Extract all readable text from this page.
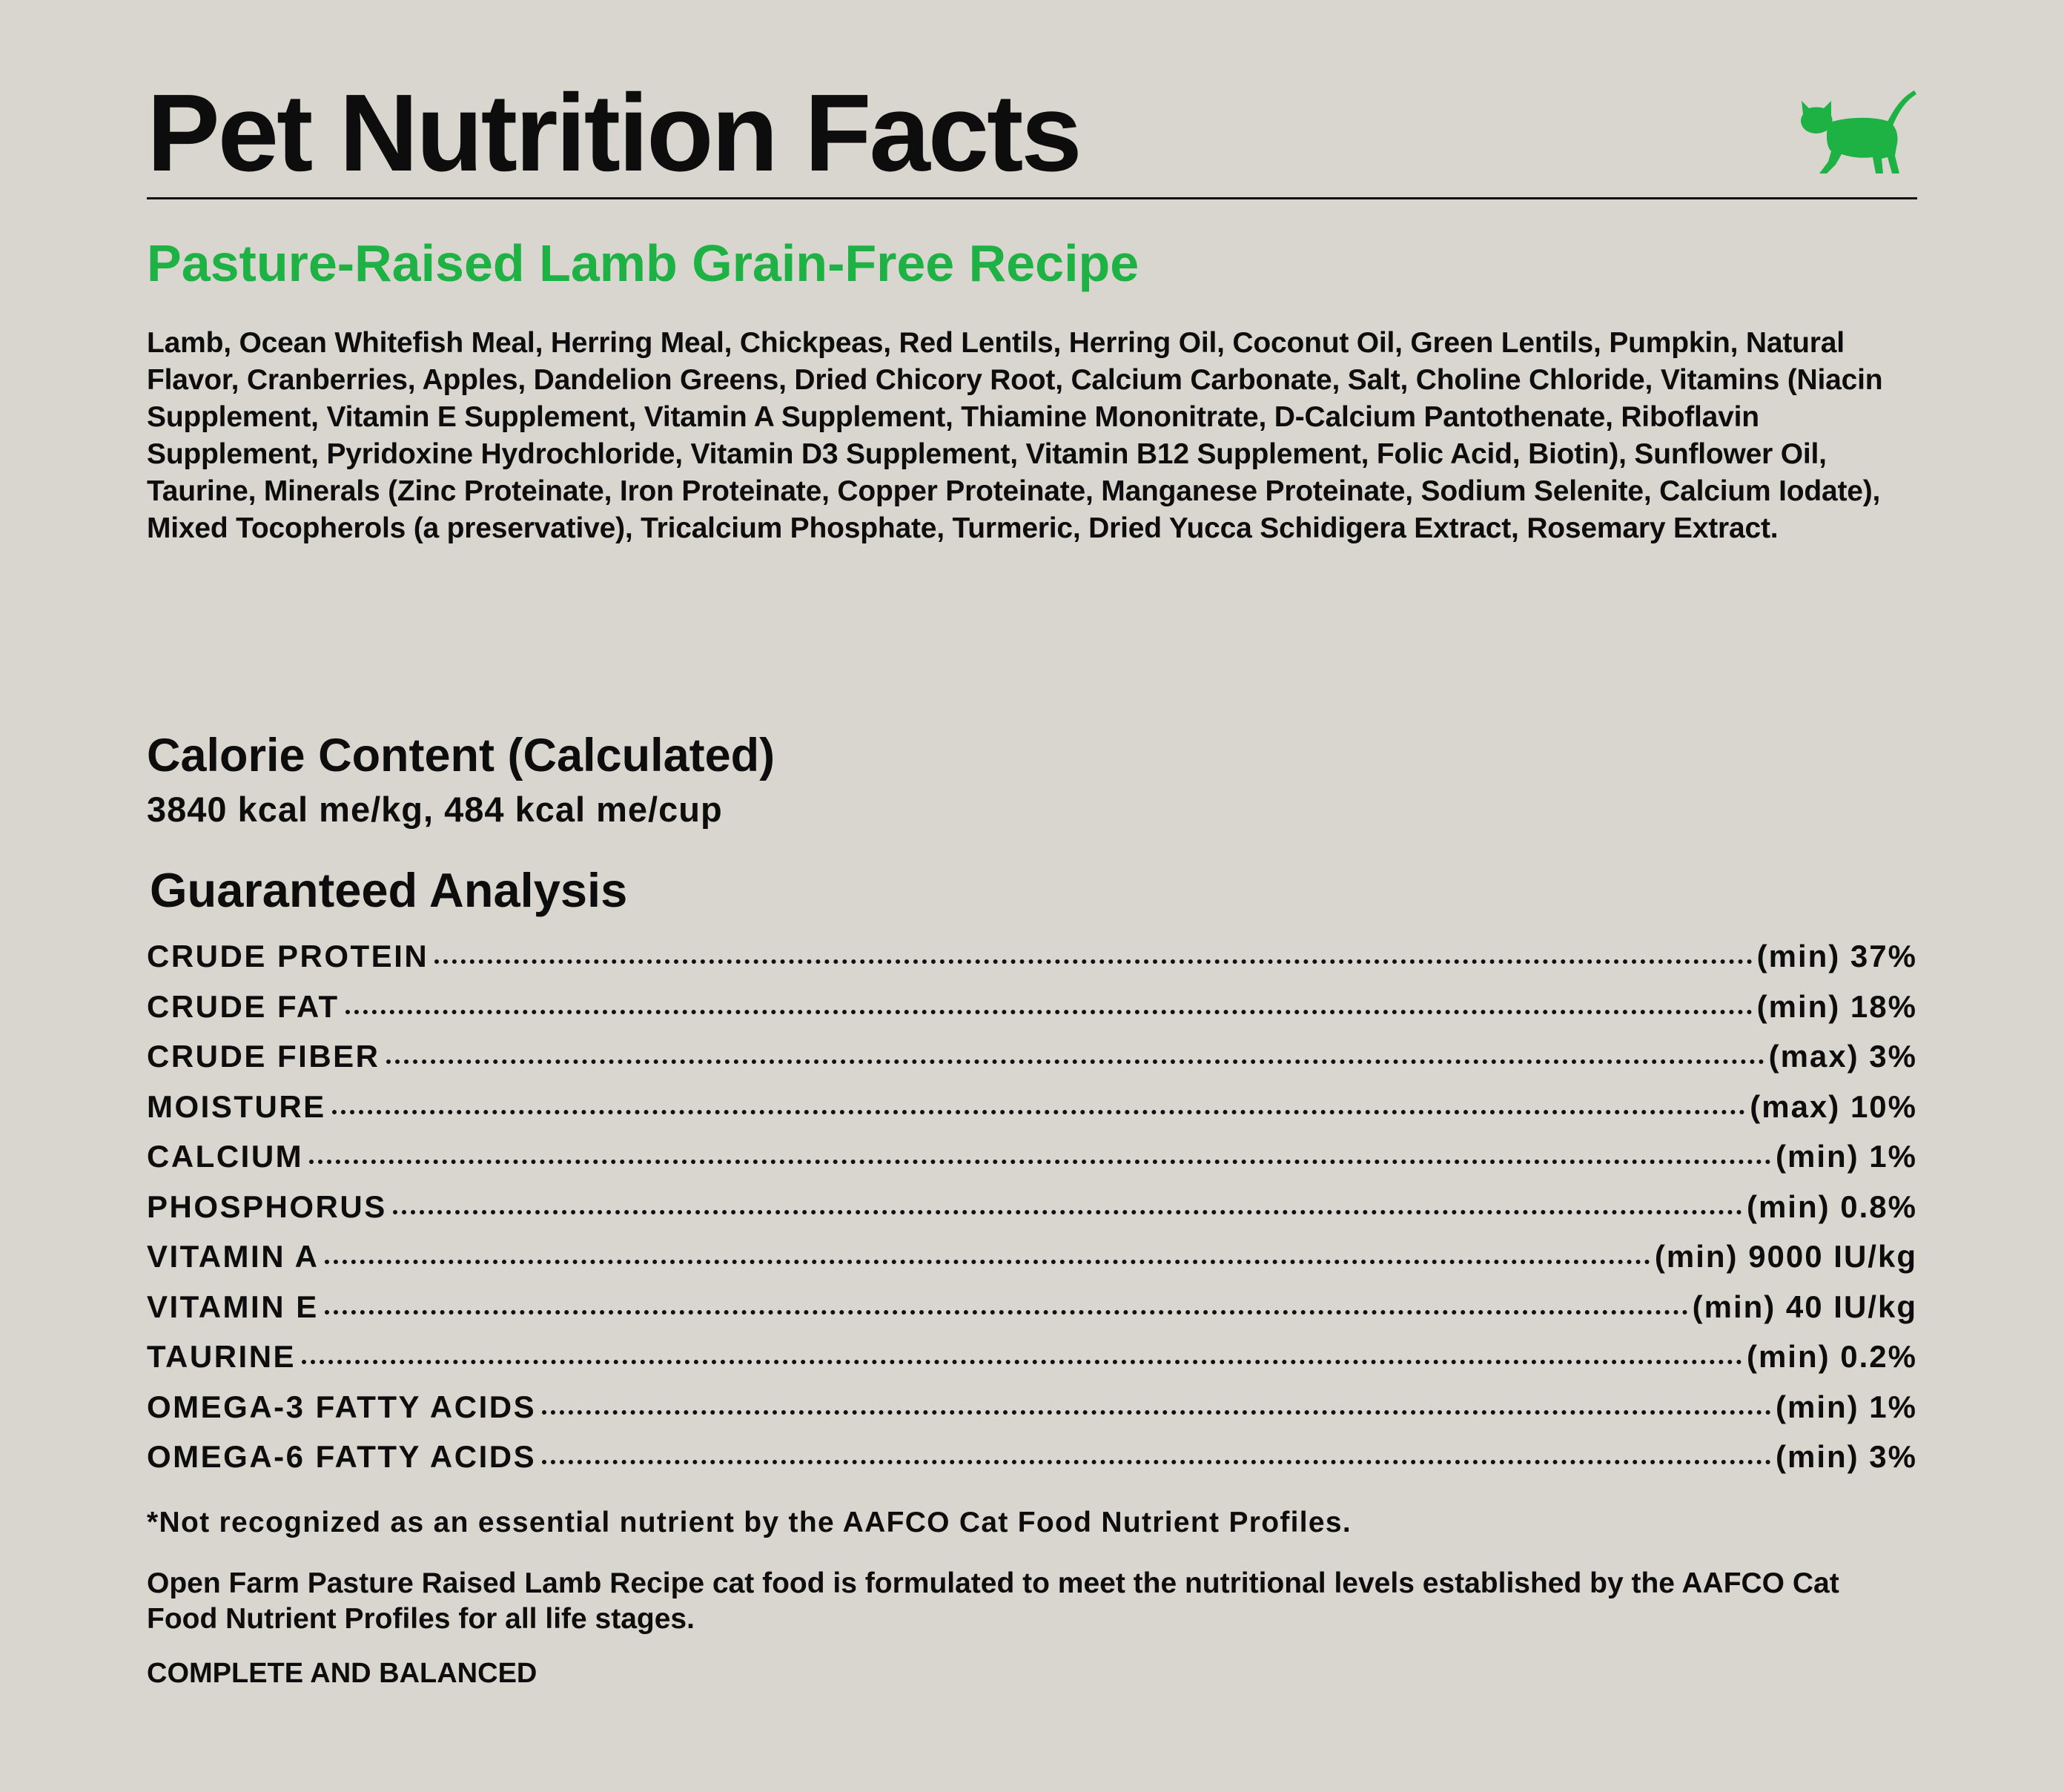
Pet Nutrition Facts
Pasture-Raised Lamb Grain-Free Recipe

Lamb, Ocean Whitefish Meal, Herring Meal, Chickpeas, Red Lentils, Herring Oil, Coconut Oil, Green Lentils, Pumpkin, Natural Flavor, Cranberries, Apples, Dandelion Greens, Dried Chicory Root, Calcium Carbonate, Salt, Choline Chloride, Vitamins (Niacin Supplement, Vitamin E Supplement, Vitamin A Supplement, Thiamine Mononitrate, D-Calcium Pantothenate, Riboflavin Supplement, Pyridoxine Hydrochloride, Vitamin D3 Supplement, Vitamin B12 Supplement, Folic Acid, Biotin), Sunflower Oil, Taurine, Minerals (Zinc Proteinate, Iron Proteinate, Copper Proteinate, Manganese Proteinate, Sodium Selenite, Calcium Iodate), Mixed Tocopherols (a preservative), Tricalcium Phosphate, Turmeric, Dried Yucca Schidigera Extract, Rosemary Extract.

Calorie Content (Calculated)

3840 kcal me/kg, 484 kcal me/cup

Guaranteed Analysis
CRUDE PROTEIN	(min) 37%
CRUDE FAT	(min) 18%
CRUDE FIBER	(max) 3%
MOISTURE	(max) 10%
CALCIUM	(min) 1%
PHOSPHORUS	(min) 0.8%
VITAMIN A	(min) 9000 IU/kg
VITAMIN E	(min) 40 IU/kg
TAURINE	(min) 0.2%
OMEGA-3 FATTY ACIDS	(min) 1%
OMEGA-6 FATTY ACIDS	(min) 3%

*Not recognized as an essential nutrient by the AAFCO Cat Food Nutrient Profiles.

Open Farm Pasture Raised Lamb Recipe cat food is formulated to meet the nutritional levels established by the AAFCO Cat Food Nutrient Profiles for all life stages.

COMPLETE AND BALANCED
